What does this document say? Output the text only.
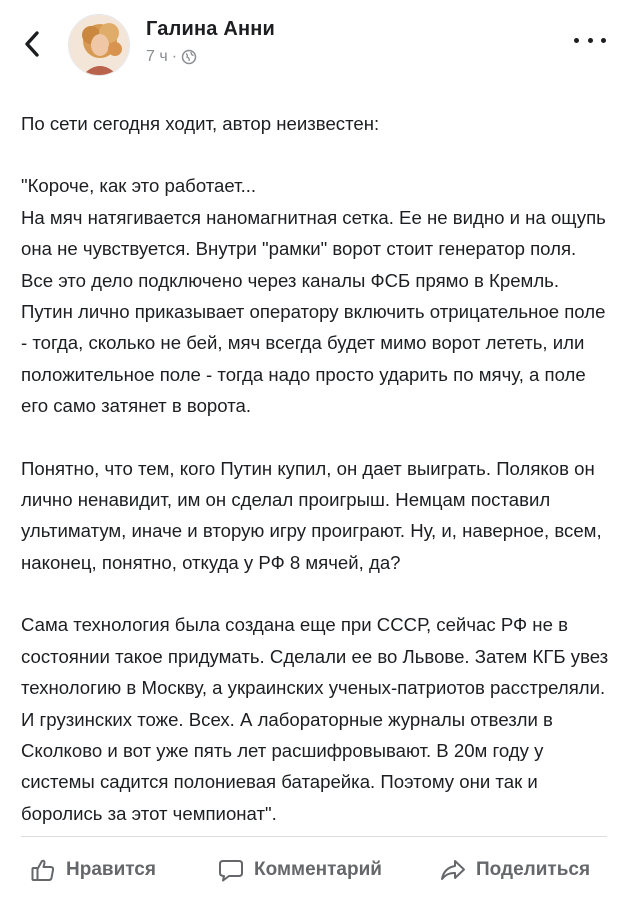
Галина Анни
7 ч ·

По сети сегодня ходит, автор неизвестен:

"Короче, как это работает...
На мяч натягивается наномагнитная сетка. Ее не видно и на ощупь она не чувствуется. Внутри "рамки" ворот стоит генератор поля. Все это дело подключено через каналы ФСБ прямо в Кремль. Путин лично приказывает оператору включить отрицательное поле - тогда, сколько не бей, мяч всегда будет мимо ворот лететь, или положительное поле - тогда надо просто ударить по мячу, а поле его само затянет в ворота.

Понятно, что тем, кого Путин купил, он дает выиграть. Поляков он лично ненавидит, им он сделал проигрыш. Немцам поставил ультиматум, иначе и вторую игру проиграют. Ну, и, наверное, всем, наконец, понятно, откуда у РФ 8 мячей, да?

Сама технология была создана еще при СССР, сейчас РФ не в состоянии такое придумать. Сделали ее во Львове. Затем КГБ увез технологию в Москву, а украинских ученых-патриотов расстреляли. И грузинских тоже. Всех. А лабораторные журналы отвезли в Сколково и вот уже пять лет расшифровывают. В 20м году у системы садится полониевая батарейка. Поэтому они так и боролись за этот чемпионат".

Нравится	Комментарий	Поделиться
